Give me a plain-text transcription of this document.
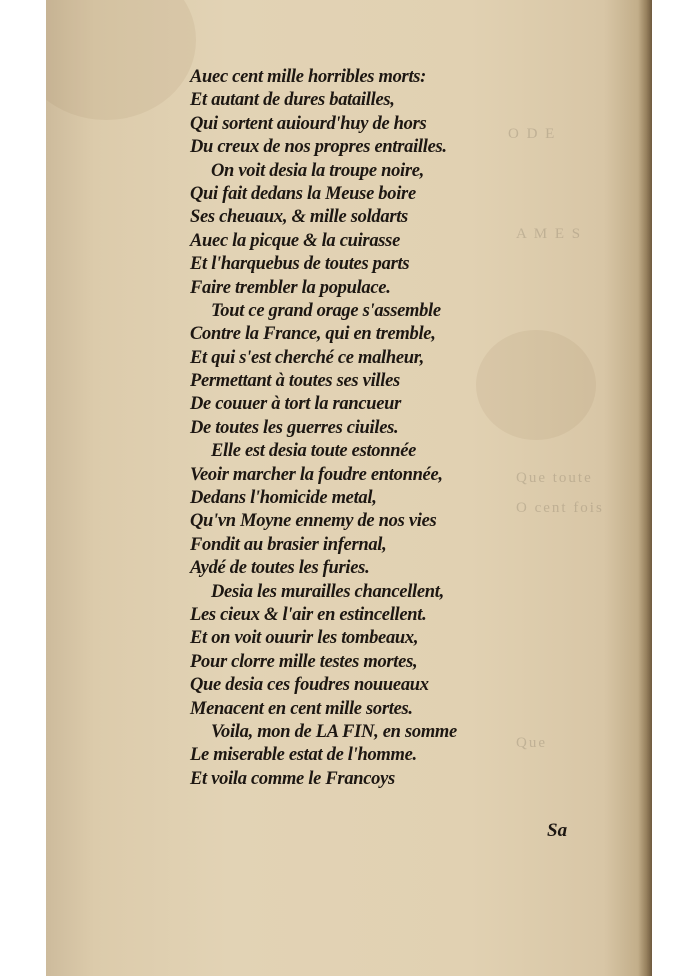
O D E
A M E S
Que toute
O cent fois
Que
Auec cent mille horribles morts:
Et autant de dures batailles,
Qui sortent auiourd'huy de hors
Du creux de nos propres entrailles.
On voit desia la troupe noire,
Qui fait dedans la Meuse boire
Ses cheuaux, & mille soldarts
Auec la picque & la cuirasse
Et l'harquebus de toutes parts
Faire trembler la populace.
Tout ce grand orage s'assemble
Contre la France, qui en tremble,
Et qui s'est cherché ce malheur,
Permettant à toutes ses villes
De couuer à tort la rancueur
De toutes les guerres ciuiles.
Elle est desia toute estonnée
Veoir marcher la foudre entonnée,
Dedans l'homicide metal,
Qu'vn Moyne ennemy de nos vies
Fondit au brasier infernal,
Aydé de toutes les furies.
Desia les murailles chancellent,
Les cieux & l'air en estincellent.
Et on voit ouurir les tombeaux,
Pour clorre mille testes mortes,
Que desia ces foudres nouueaux
Menacent en cent mille sortes.
Voila, mon de LA FIN, en somme
Le miserable estat de l'homme.
Et voila comme le Francoys
Sa
